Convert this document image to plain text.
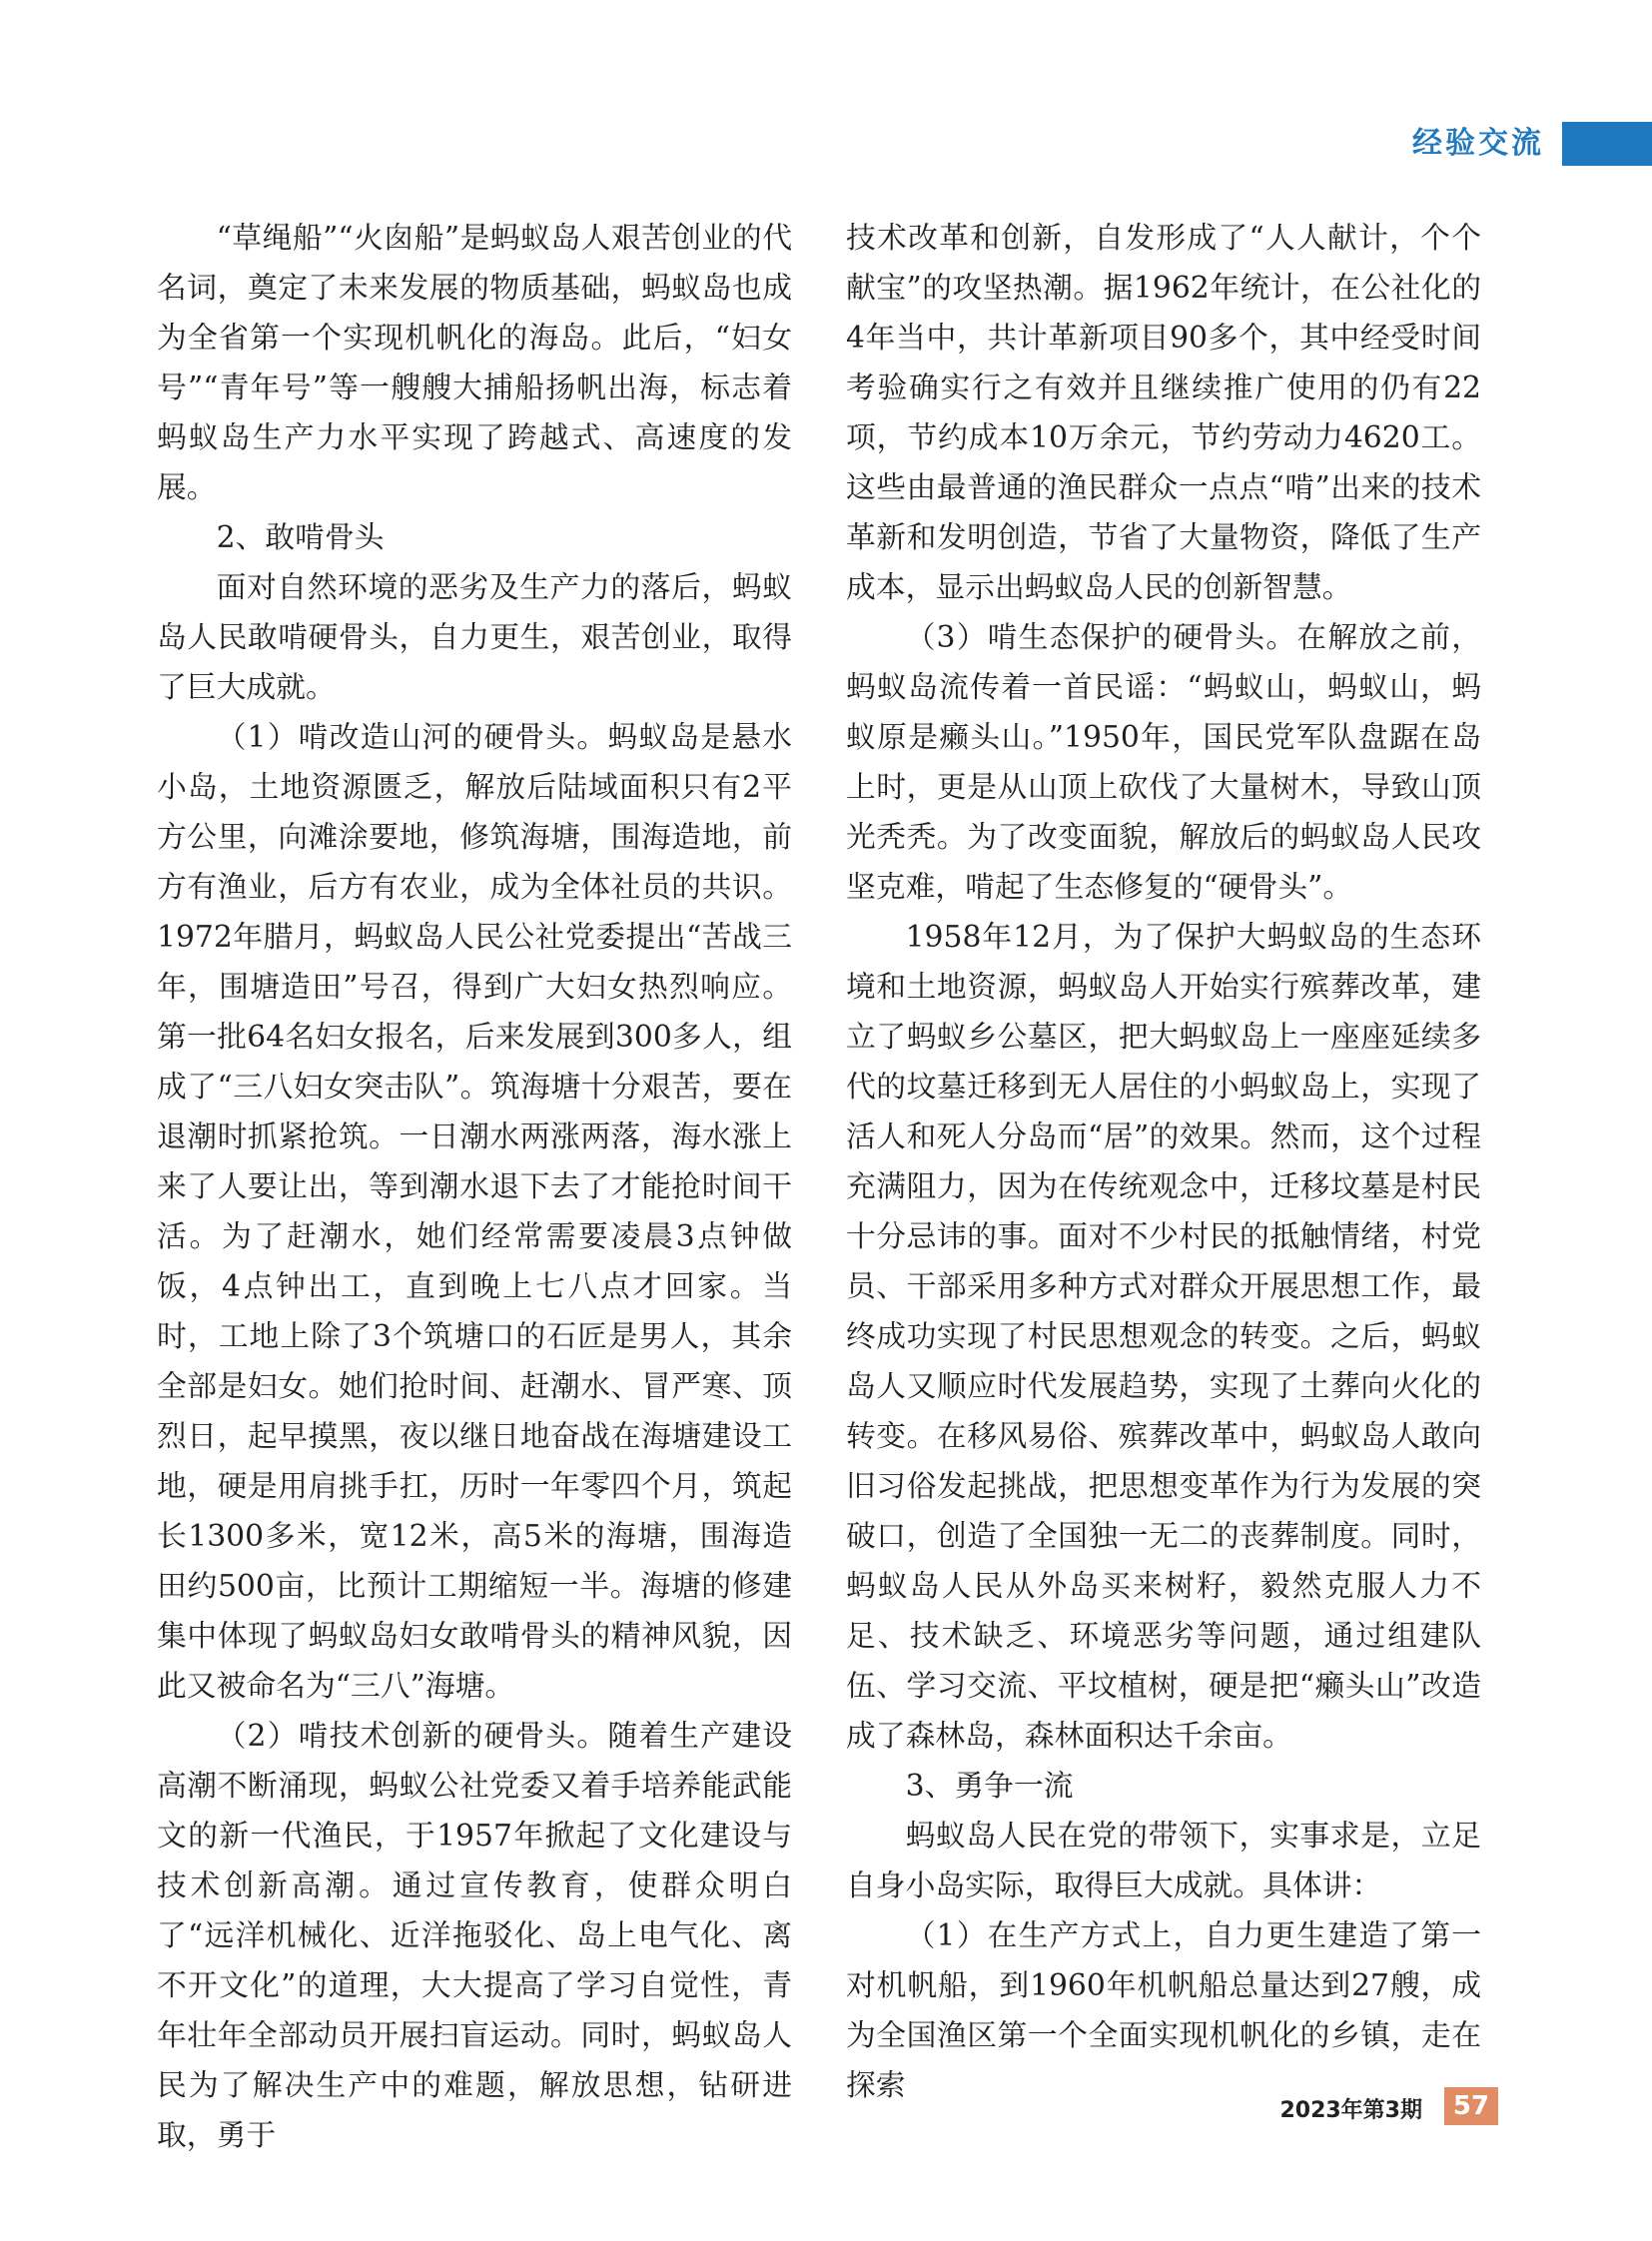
经验交流

“草绳船”“火囱船”是蚂蚁岛人艰苦创业的代名词，奠定了未来发展的物质基础，蚂蚁岛也成为全省第一个实现机帆化的海岛。此后，“妇女号”“青年号”等一艘艘大捕船扬帆出海，标志着蚂蚁岛生产力水平实现了跨越式、高速度的发展。

2、敢啃骨头

面对自然环境的恶劣及生产力的落后，蚂蚁岛人民敢啃硬骨头，自力更生，艰苦创业，取得了巨大成就。

（1）啃改造山河的硬骨头。蚂蚁岛是悬水小岛，土地资源匮乏，解放后陆域面积只有2平方公里，向滩涂要地，修筑海塘，围海造地，前方有渔业，后方有农业，成为全体社员的共识。1972年腊月，蚂蚁岛人民公社党委提出“苦战三年，围塘造田”号召，得到广大妇女热烈响应。第一批64名妇女报名，后来发展到300多人，组成了“三八妇女突击队”。筑海塘十分艰苦，要在退潮时抓紧抢筑。一日潮水两涨两落，海水涨上来了人要让出，等到潮水退下去了才能抢时间干活。为了赶潮水，她们经常需要凌晨3点钟做饭，4点钟出工，直到晚上七八点才回家。当时，工地上除了3个筑塘口的石匠是男人，其余全部是妇女。她们抢时间、赶潮水、冒严寒、顶烈日，起早摸黑，夜以继日地奋战在海塘建设工地，硬是用肩挑手扛，历时一年零四个月，筑起长1300多米，宽12米，高5米的海塘，围海造田约500亩，比预计工期缩短一半。海塘的修建集中体现了蚂蚁岛妇女敢啃骨头的精神风貌，因此又被命名为“三八”海塘。

（2）啃技术创新的硬骨头。随着生产建设高潮不断涌现，蚂蚁公社党委又着手培养能武能文的新一代渔民，于1957年掀起了文化建设与技术创新高潮。通过宣传教育，使群众明白了“远洋机械化、近洋拖驳化、岛上电气化、离不开文化”的道理，大大提高了学习自觉性，青年壮年全部动员开展扫盲运动。同时，蚂蚁岛人民为了解决生产中的难题，解放思想，钻研进取，勇于

技术改革和创新，自发形成了“人人献计，个个献宝”的攻坚热潮。据1962年统计，在公社化的4年当中，共计革新项目90多个，其中经受时间考验确实行之有效并且继续推广使用的仍有22项，节约成本10万余元，节约劳动力4620工。这些由最普通的渔民群众一点点“啃”出来的技术革新和发明创造，节省了大量物资，降低了生产成本，显示出蚂蚁岛人民的创新智慧。

（3）啃生态保护的硬骨头。在解放之前，蚂蚁岛流传着一首民谣：“蚂蚁山，蚂蚁山，蚂蚁原是癞头山。”1950年，国民党军队盘踞在岛上时，更是从山顶上砍伐了大量树木，导致山顶光秃秃。为了改变面貌，解放后的蚂蚁岛人民攻坚克难，啃起了生态修复的“硬骨头”。

1958年12月，为了保护大蚂蚁岛的生态环境和土地资源，蚂蚁岛人开始实行殡葬改革，建立了蚂蚁乡公墓区，把大蚂蚁岛上一座座延续多代的坟墓迁移到无人居住的小蚂蚁岛上，实现了活人和死人分岛而“居”的效果。然而，这个过程充满阻力，因为在传统观念中，迁移坟墓是村民十分忌讳的事。面对不少村民的抵触情绪，村党员、干部采用多种方式对群众开展思想工作，最终成功实现了村民思想观念的转变。之后，蚂蚁岛人又顺应时代发展趋势，实现了土葬向火化的转变。在移风易俗、殡葬改革中，蚂蚁岛人敢向旧习俗发起挑战，把思想变革作为行为发展的突破口，创造了全国独一无二的丧葬制度。同时，蚂蚁岛人民从外岛买来树籽，毅然克服人力不足、技术缺乏、环境恶劣等问题，通过组建队伍、学习交流、平坟植树，硬是把“癞头山”改造成了森林岛，森林面积达千余亩。

3、勇争一流

蚂蚁岛人民在党的带领下，实事求是，立足自身小岛实际，取得巨大成就。具体讲：

（1）在生产方式上，自力更生建造了第一对机帆船，到1960年机帆船总量达到27艘，成为全国渔区第一个全面实现机帆化的乡镇，走在探索

2023年第3期	57
